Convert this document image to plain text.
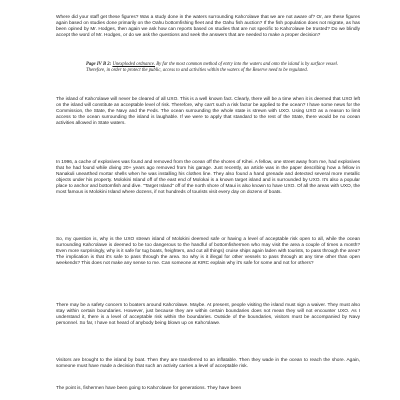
Where did your staff get these figures? Was a study done in the waters surrounding Kaho'olawe that we are not aware of? Or, are these figures again based on studies done primarily on the Oahu bottomfishing fleet and the Oahu fish auction? If the fish population does not migrate, as has been opined by Mr. Hodges, then again we ask how can reports based on studies that are not specific to Kaho'olawe be trusted? Do we blindly accept the word of Mr. Hodges, or do we ask the questions and seek the answers that are needed to make a proper decision?

Page IV B 2: Unexploded ordnance. By far the most common method of entry into the waters and onto the island is by surface vessel. Therefore, in order to protect the public, access to and activities within the waters of the Reserve need to be regulated.

The island of Kaho'olawe will never be cleared of all UXO. This is a well known fact. Clearly, there will be a time when it is deemed that UXO left on the island will constitute an acceptable level of risk. Therefore, why can't such a risk factor be applied to the ocean? I have some news for the Commission, the State, the Navy and the Feds. The ocean surrounding the whole state is strewn with UXO. Using UXO as a reason to limit access to the ocean surrounding the island is laughable. If we were to apply that standard to the rest of the State, there would be no ocean activities allowed in State waters.

In 1996, a cache of explosives was found and removed from the ocean off the shores of Kihei. A fellow, one street away from me, had explosives that he had found while diving 20+ years ago removed from his garage. Just recently, an article was in the paper describing how a fellow in Nanakuli unearthed mortar shells when he was installing his clothes line. They also found a hand grenade and detected several more metallic objects under his property. Molokini Island off of the east end of Molokai is a known target island and is surrounded by UXO. It's also a popular place to anchor and bottomfish and dive. "Target Island" off of the north shore of Maui is also known to have UXO. Of all the areas with UXO, the most famous is Molokini Island where dozens, if not hundreds of tourists visit every day on dozens of boats.

So, my question is, why is the UXO strewn island of Molokini deemed safe or having a level of acceptable risk open to all, while the ocean surrounding Kaho'olawe is deemed to be too dangerous to the handful of bottomfishermen who may visit the area a couple of times a month? Even more surprisingly, why is it safe for tug boats, freighters, and cut all things) cruise ships again laden with tourists, to pass through the area? The implication is that it's safe to pass through the area. So why is it illegal for other vessels to pass through at any time other than open weekends? This does not make any sense to me. Can someone at KIRC explain why it's safe for some and not for others?

There may be a safety concern to boaters around Kaho'olawe. Maybe. At present, people visiting the island must sign a waiver. They must also stay within certain boundaries. However, just because they are within certain boundaries does not mean they will not encounter UXO. As I understand it, there is a level of acceptable risk within the boundaries. Outside of the boundaries, visitors must be accompanied by Navy personnel. So far, I have not heard of anybody being blown up on Kaho'olawe.

Visitors are brought to the island by boat. Then they are transferred to an inflatable. Then they wade in the ocean to reach the shore. Again, someone must have made a decision that such an activity carries a level of acceptable risk.

The point is, fishermen have been going to Kaho'olawe for generations. They have been
